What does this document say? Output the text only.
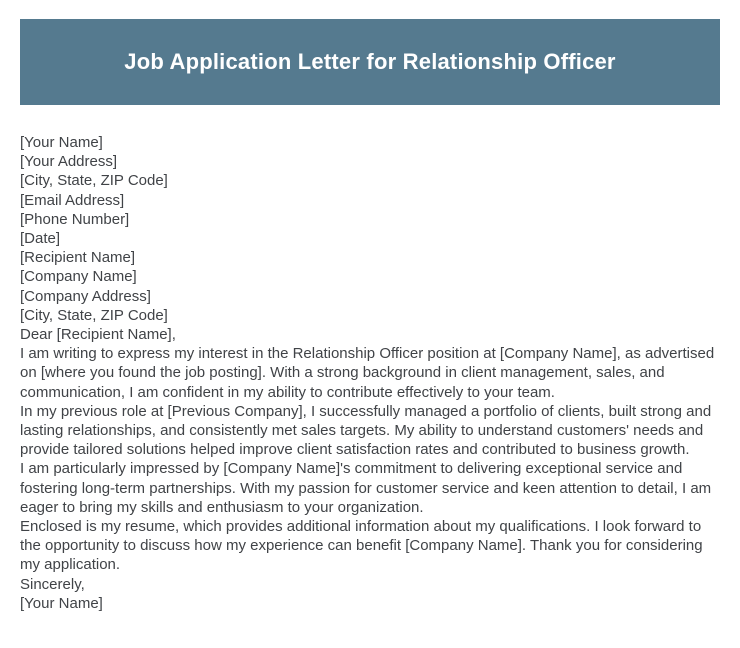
Job Application Letter for Relationship Officer
[Your Name]
[Your Address]
[City, State, ZIP Code]
[Email Address]
[Phone Number]
[Date]
[Recipient Name]
[Company Name]
[Company Address]
[City, State, ZIP Code]
Dear [Recipient Name],
I am writing to express my interest in the Relationship Officer position at [Company Name], as advertised on [where you found the job posting]. With a strong background in client management, sales, and communication, I am confident in my ability to contribute effectively to your team.
In my previous role at [Previous Company], I successfully managed a portfolio of clients, built strong and lasting relationships, and consistently met sales targets. My ability to understand customers' needs and provide tailored solutions helped improve client satisfaction rates and contributed to business growth.
I am particularly impressed by [Company Name]'s commitment to delivering exceptional service and fostering long-term partnerships. With my passion for customer service and keen attention to detail, I am eager to bring my skills and enthusiasm to your organization.
Enclosed is my resume, which provides additional information about my qualifications. I look forward to the opportunity to discuss how my experience can benefit [Company Name]. Thank you for considering my application.
Sincerely,
[Your Name]
